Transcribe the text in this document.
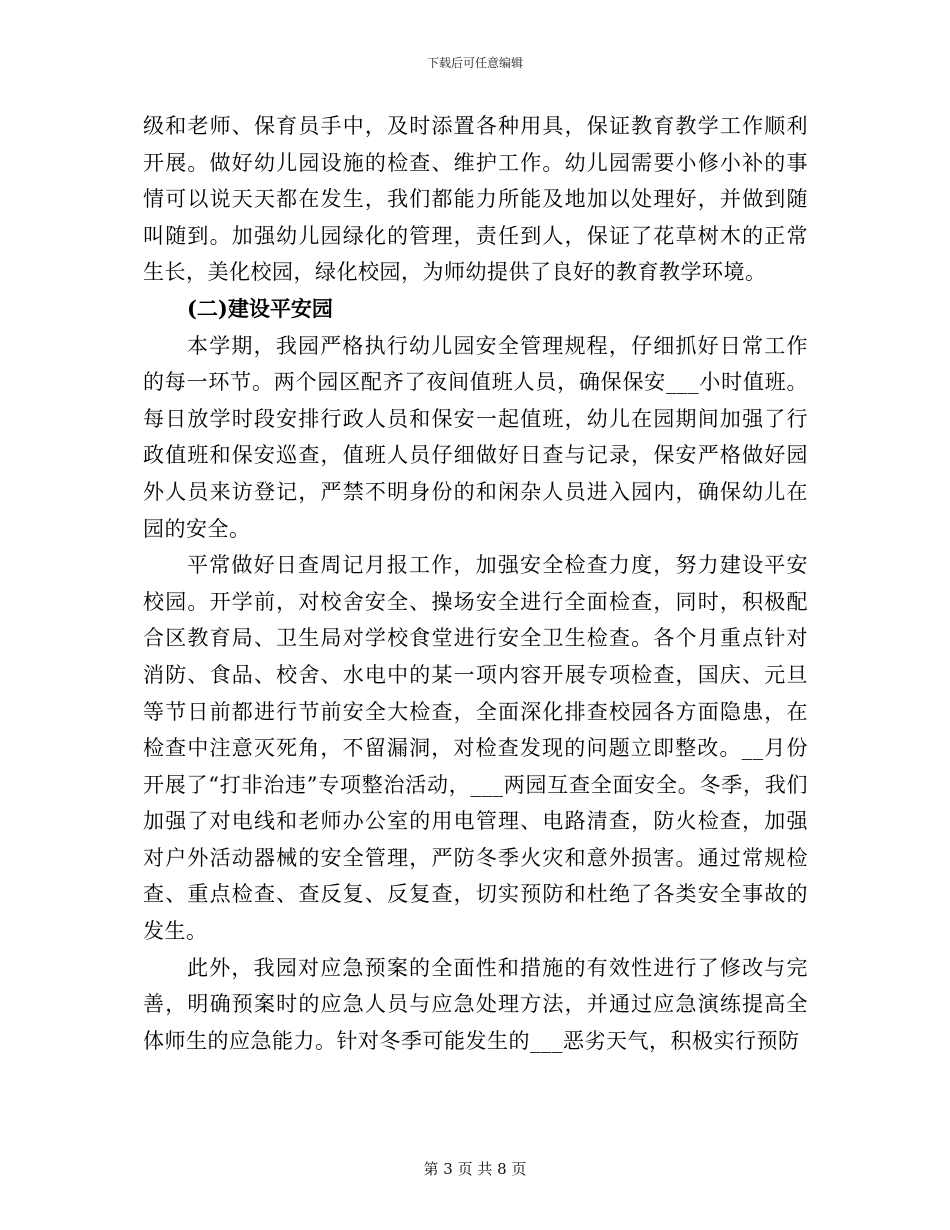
下载后可任意编辑

级和老师、保育员手中，及时添置各种用具，保证教育教学工作顺利开展。做好幼儿园设施的检查、维护工作。幼儿园需要小修小补的事情可以说天天都在发生，我们都能力所能及地加以处理好，并做到随叫随到。加强幼儿园绿化的管理，责任到人，保证了花草树木的正常生长，美化校园，绿化校园，为师幼提供了良好的教育教学环境。

(二)建设平安园

本学期，我园严格执行幼儿园安全管理规程，仔细抓好日常工作的每一环节。两个园区配齐了夜间值班人员，确保保安___小时值班。每日放学时段安排行政人员和保安一起值班，幼儿在园期间加强了行政值班和保安巡查，值班人员仔细做好日查与记录，保安严格做好园外人员来访登记，严禁不明身份的和闲杂人员进入园内，确保幼儿在园的安全。

平常做好日查周记月报工作，加强安全检查力度，努力建设平安校园。开学前，对校舍安全、操场安全进行全面检查，同时，积极配合区教育局、卫生局对学校食堂进行安全卫生检查。各个月重点针对消防、食品、校舍、水电中的某一项内容开展专项检查，国庆、元旦等节日前都进行节前安全大检查，全面深化排查校园各方面隐患，在检查中注意灭死角，不留漏洞，对检查发现的问题立即整改。__月份开展了“打非治违”专项整治活动，___两园互查全面安全。冬季，我们加强了对电线和老师办公室的用电管理、电路清查，防火检查，加强对户外活动器械的安全管理，严防冬季火灾和意外损害。通过常规检查、重点检查、查反复、反复查，切实预防和杜绝了各类安全事故的发生。

此外，我园对应急预案的全面性和措施的有效性进行了修改与完善，明确预案时的应急人员与应急处理方法，并通过应急演练提高全体师生的应急能力。针对冬季可能发生的___恶劣天气，积极实行预防

第 3 页 共 8 页
